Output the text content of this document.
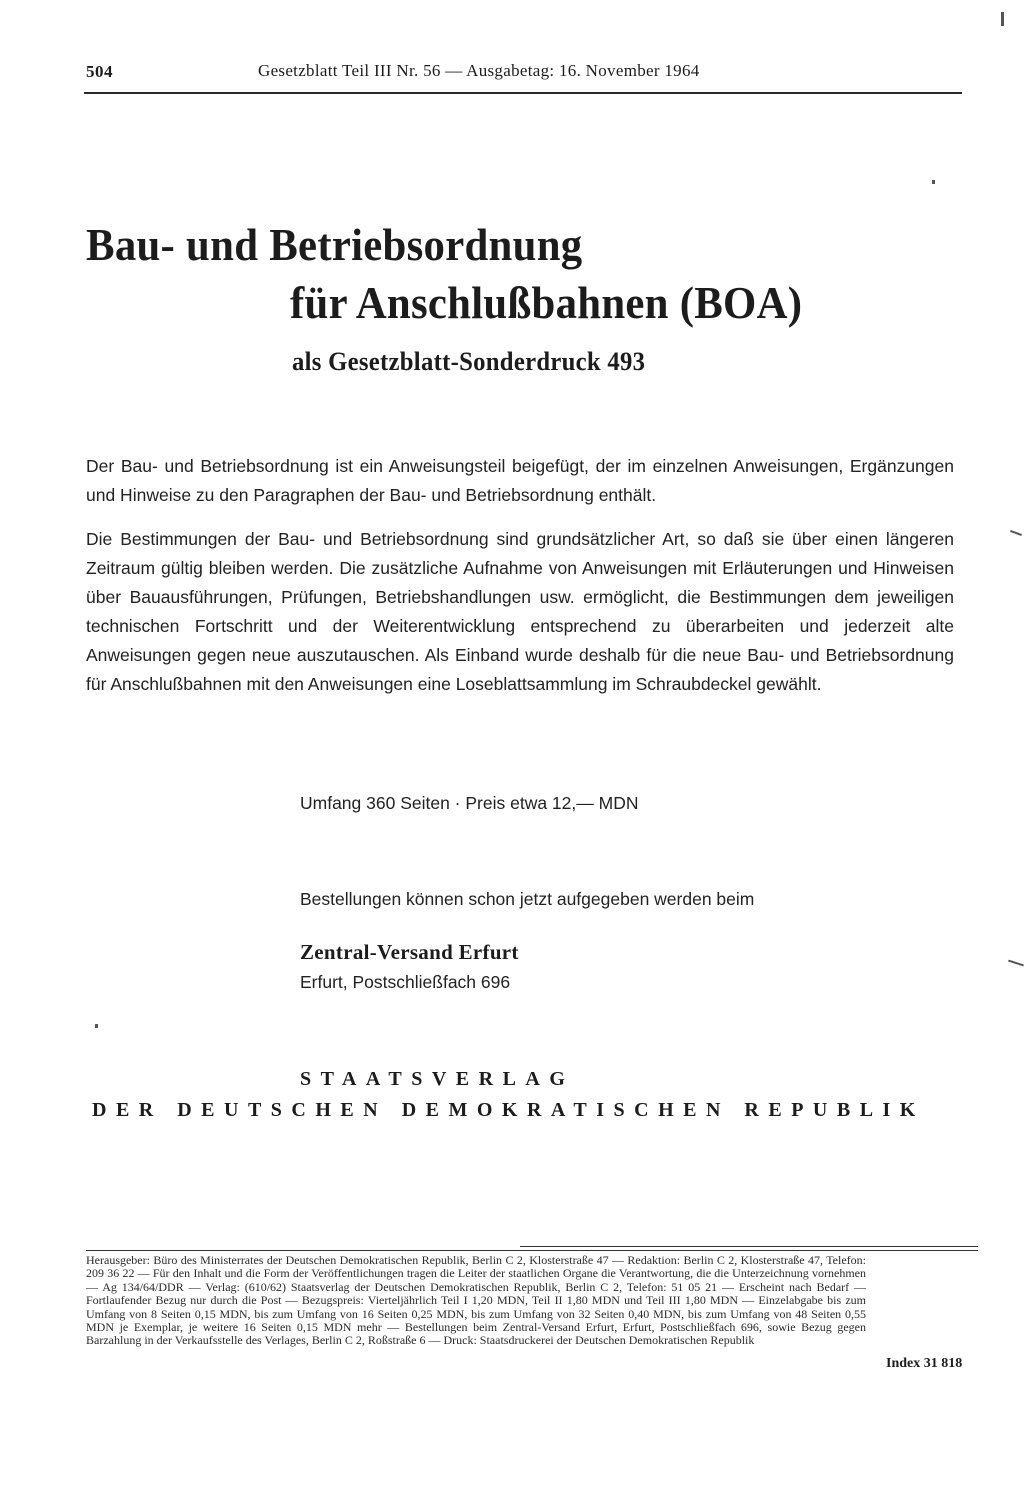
504	Gesetzblatt Teil III Nr. 56 — Ausgabetag: 16. November 1964
Bau- und Betriebsordnung
für Anschlußbahnen (BOA)
als Gesetzblatt-Sonderdruck 493

Der Bau- und Betriebsordnung ist ein Anweisungsteil beigefügt, der im einzelnen Anweisungen, Ergänzungen und Hinweise zu den Paragraphen der Bau- und Betriebsordnung enthält.

Die Bestimmungen der Bau- und Betriebsordnung sind grundsätzlicher Art, so daß sie über einen längeren Zeitraum gültig bleiben werden. Die zusätzliche Aufnahme von Anweisungen mit Erläuterungen und Hinweisen über Bauausführungen, Prüfungen, Betriebshandlungen usw. ermöglicht, die Bestimmungen dem jeweiligen technischen Fortschritt und der Weiterentwicklung entsprechend zu überarbeiten und jederzeit alte Anweisungen gegen neue auszutauschen. Als Einband wurde deshalb für die neue Bau- und Betriebsordnung für Anschlußbahnen mit den Anweisungen eine Loseblattsammlung im Schraubdeckel gewählt.

Umfang 360 Seiten · Preis etwa 12,— MDN
Bestellungen können schon jetzt aufgegeben werden beim
Zentral-Versand Erfurt
Erfurt, Postschließfach 696
STAATSVERLAG
DER DEUTSCHEN DEMOKRATISCHEN REPUBLIK
Herausgeber: Büro des Ministerrates der Deutschen Demokratischen Republik, Berlin C 2, Klosterstraße 47 — Redaktion: Berlin C 2, Klosterstraße 47, Telefon: 209 36 22 — Für den Inhalt und die Form der Veröffentlichungen tragen die Leiter der staatlichen Organe die Verantwortung, die die Unterzeichnung vornehmen — Ag 134/64/DDR — Verlag: (610/62) Staatsverlag der Deutschen Demokratischen Republik, Berlin C 2, Telefon: 51 05 21 — Erscheint nach Bedarf — Fortlaufender Bezug nur durch die Post — Bezugspreis: Vierteljährlich Teil I 1,20 MDN, Teil II 1,80 MDN und Teil III 1,80 MDN — Einzelabgabe bis zum Umfang von 8 Seiten 0,15 MDN, bis zum Umfang von 16 Seiten 0,25 MDN, bis zum Umfang von 32 Seiten 0,40 MDN, bis zum Umfang von 48 Seiten 0,55 MDN je Exemplar, je weitere 16 Seiten 0,15 MDN mehr — Bestellungen beim Zentral-Versand Erfurt, Erfurt, Postschließfach 696, sowie Bezug gegen Barzahlung in der Verkaufsstelle des Verlages, Berlin C 2, Roßstraße 6 — Druck: Staatsdruckerei der Deutschen Demokratischen Republik
Index 31 818
